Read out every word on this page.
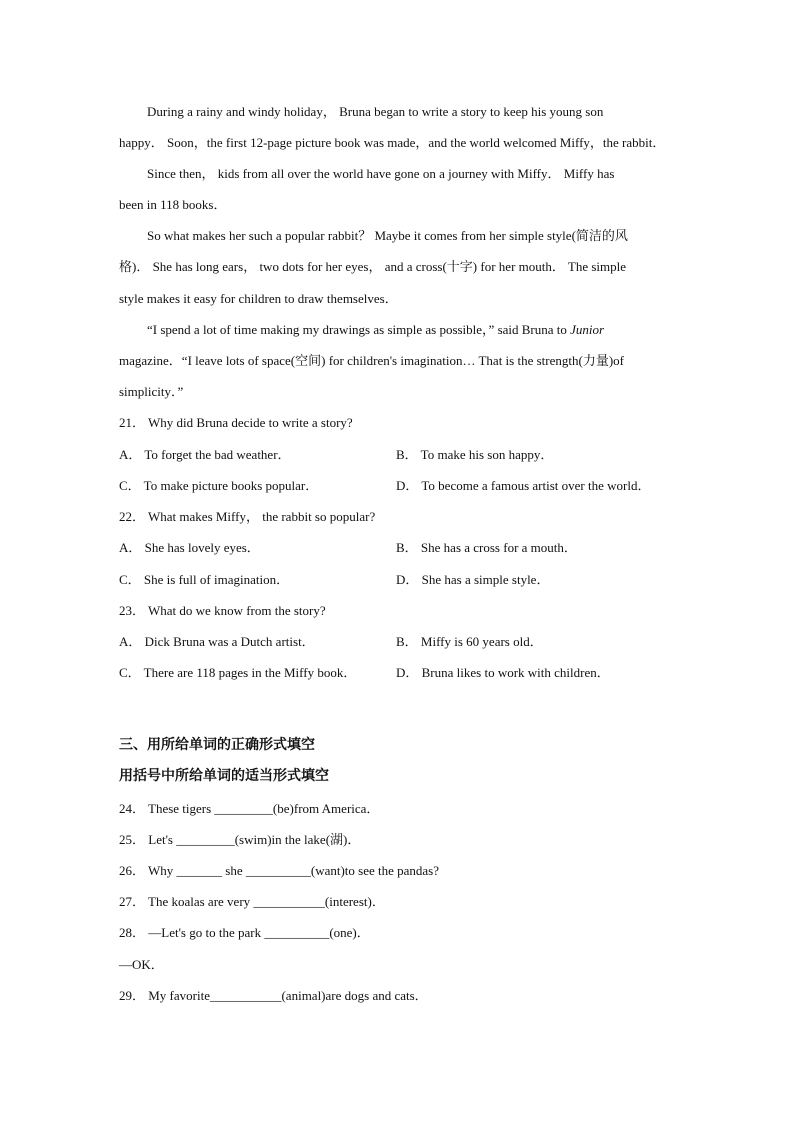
During a rainy and windy holiday， Bruna began to write a story to keep his young son
happy． Soon，the first 12-page picture book was made，and the world welcomed Miffy，the rabbit．
Since then， kids from all over the world have gone on a journey with Miffy． Miffy has
been in 118 books．
So what makes her such a popular rabbit？ Maybe it comes from her simple style(简洁的风
格)． She has long ears， two dots for her eyes， and a cross(十字) for her mouth． The simple
style makes it easy for children to draw themselves．
“I spend a lot of time making my drawings as simple as possible，” said Bruna to Junior
magazine．“I leave lots of space(空间) for children's imagination… That is the strength(力量)of
simplicity．”
21． Why did Bruna decide to write a story?
A． To forget the bad weather．	B． To make his son happy．
C． To make picture books popular．	D． To become a famous artist over the world．
22． What makes Miffy， the rabbit so popular?
A． She has lovely eyes．	B． She has a cross for a mouth．
C． She is full of imagination．	D． She has a simple style．
23． What do we know from the story?
A． Dick Bruna was a Dutch artist．	B． Miffy is 60 years old．
C． There are 118 pages in the Miffy book．	D． Bruna likes to work with children．
三、用所给单词的正确形式填空
用括号中所给单词的适当形式填空
24． These tigers _________(be)from America．
25． Let's _________(swim)in the lake(湖)．
26． Why _______ she __________(want)to see the pandas?
27． The koalas are very ___________(interest)．
28． —Let's go to the park __________(one)．
—OK．
29． My favorite___________(animal)are dogs and cats．
